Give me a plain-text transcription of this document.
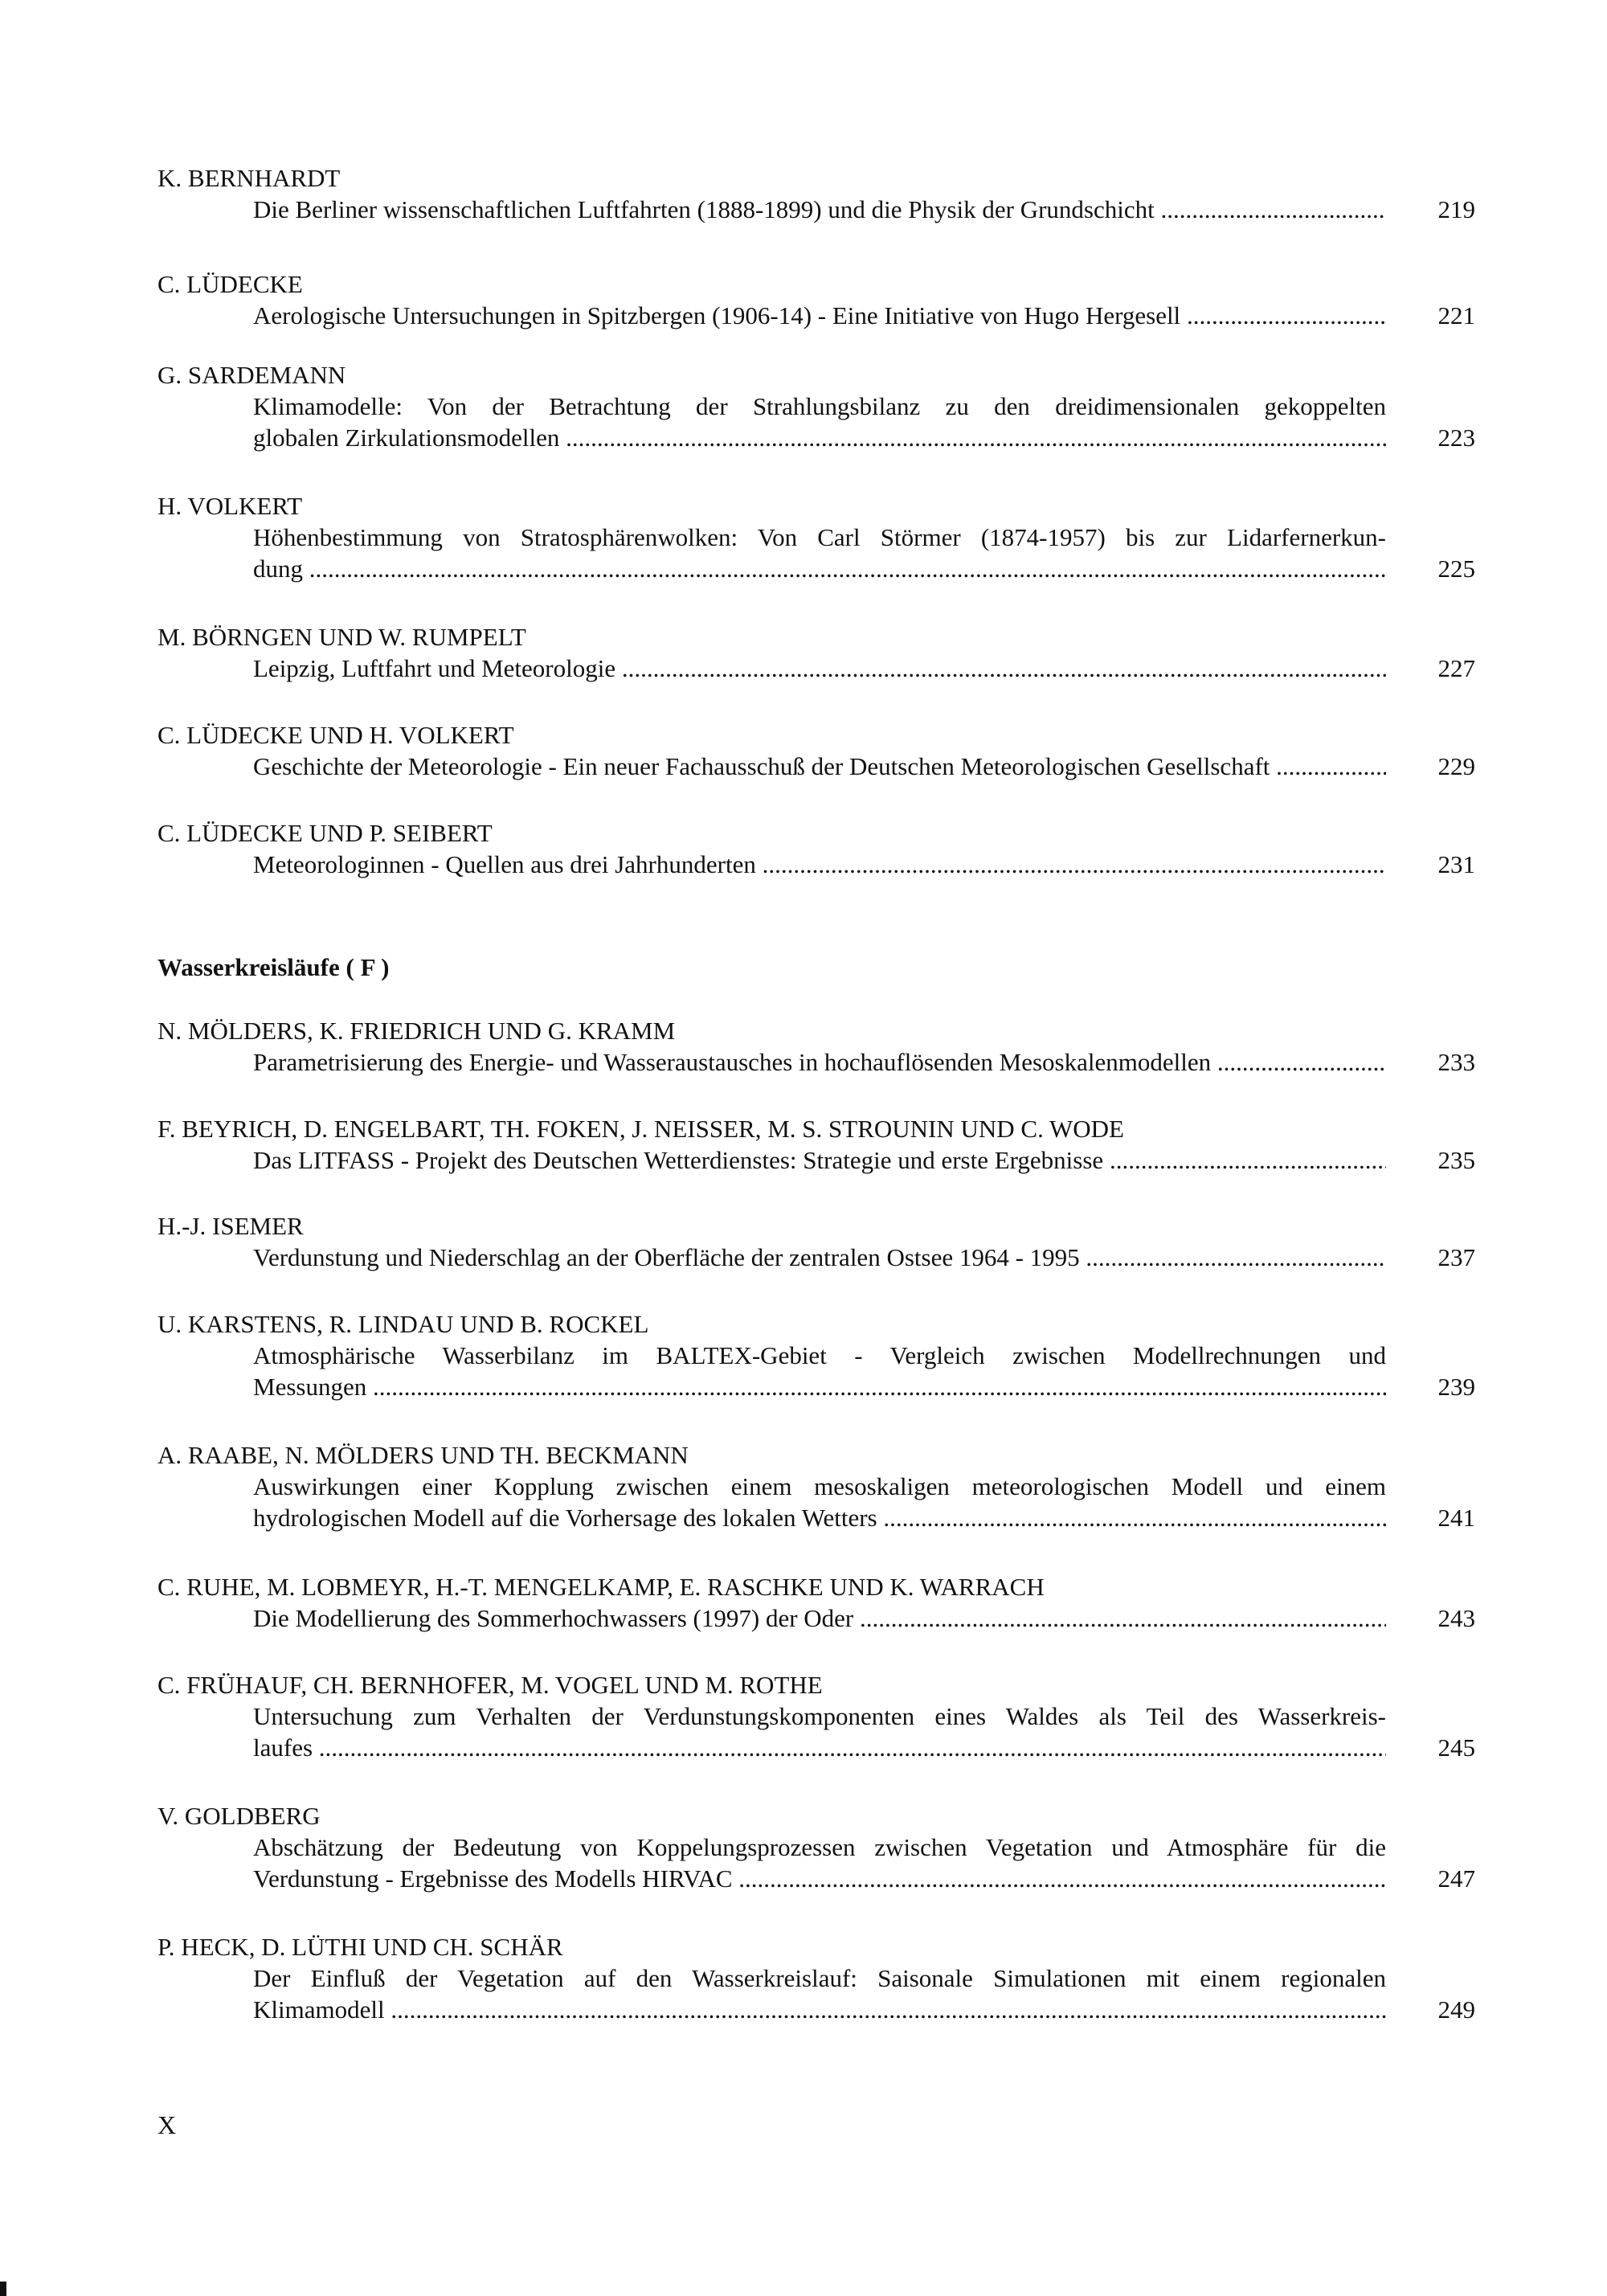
K. BERNHARDT
Die Berliner wissenschaftlichen Luftfahrten (1888-1899) und die Physik der Grundschicht .....	219
C. LÜDECKE
Aerologische Untersuchungen in Spitzbergen (1906-14) - Eine Initiative von Hugo Hergesell .....	221
G. SARDEMANN
Klimamodelle: Von der Betrachtung der Strahlungsbilanz zu den dreidimensionalen gekoppelten
globalen Zirkulationsmodellen .....	223
H. VOLKERT
Höhenbestimmung von Stratosphärenwolken: Von Carl Störmer (1874-1957) bis zur Lidarfernerkun-
dung .....	225
M. BÖRNGEN UND W. RUMPELT
Leipzig, Luftfahrt und Meteorologie .....	227
C. LÜDECKE UND H. VOLKERT
Geschichte der Meteorologie - Ein neuer Fachausschuß der Deutschen Meteorologischen Gesellschaft .....	229
C. LÜDECKE UND P. SEIBERT
Meteorologinnen - Quellen aus drei Jahrhunderten .....	231
N. MÖLDERS, K. FRIEDRICH UND G. KRAMM
Parametrisierung des Energie- und Wasseraustausches in hochauflösenden Mesoskalenmodellen .....	233
F. BEYRICH, D. ENGELBART, TH. FOKEN, J. NEISSER, M. S. STROUNIN UND C. WODE
Das LITFASS - Projekt des Deutschen Wetterdienstes: Strategie und erste Ergebnisse .....	235
H.-J. ISEMER
Verdunstung und Niederschlag an der Oberfläche der zentralen Ostsee 1964 - 1995 .....	237
U. KARSTENS, R. LINDAU UND B. ROCKEL
Atmosphärische Wasserbilanz im BALTEX-Gebiet - Vergleich zwischen Modellrechnungen und
Messungen .....	239
A. RAABE, N. MÖLDERS UND TH. BECKMANN
Auswirkungen einer Kopplung zwischen einem mesoskaligen meteorologischen Modell und einem
hydrologischen Modell auf die Vorhersage des lokalen Wetters .....	241
C. RUHE, M. LOBMEYR, H.-T. MENGELKAMP, E. RASCHKE UND K. WARRACH
Die Modellierung des Sommerhochwassers (1997) der Oder .....	243
C. FRÜHAUF, CH. BERNHOFER, M. VOGEL UND M. ROTHE
Untersuchung zum Verhalten der Verdunstungskomponenten eines Waldes als Teil des Wasserkreis-
laufes .....	245
V. GOLDBERG
Abschätzung der Bedeutung von Koppelungsprozessen zwischen Vegetation und Atmosphäre für die
Verdunstung - Ergebnisse des Modells HIRVAC .....	247
P. HECK, D. LÜTHI UND CH. SCHÄR
Der Einfluß der Vegetation auf den Wasserkreislauf: Saisonale Simulationen mit einem regionalen
Klimamodell .....	249
Wasserkreisläufe ( F )
X
